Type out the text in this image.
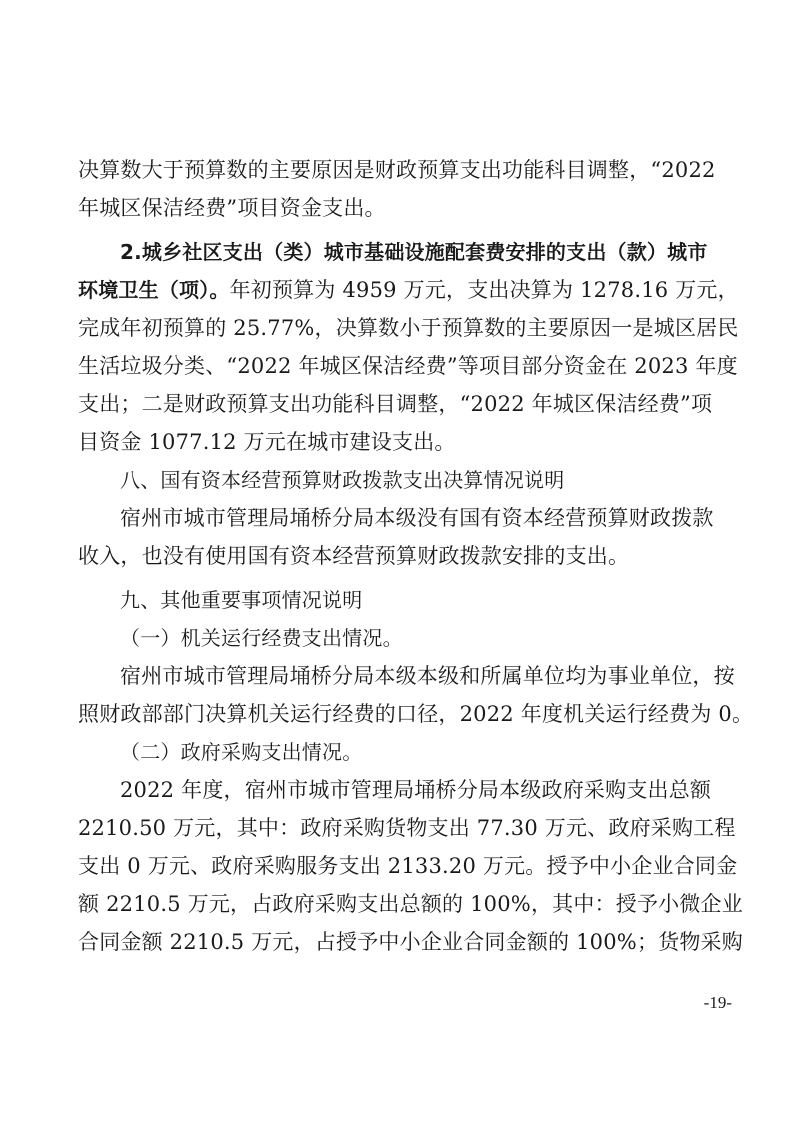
决算数大于预算数的主要原因是财政预算支出功能科目调整，“2022
年城区保洁经费”项目资金支出。
2.城乡社区支出（类）城市基础设施配套费安排的支出（款）城市
环境卫生（项）。年初预算为 4959 万元，支出决算为 1278.16 万元，
完成年初预算的 25.77%，决算数小于预算数的主要原因一是城区居民
生活垃圾分类、“2022 年城区保洁经费”等项目部分资金在 2023 年度
支出；二是财政预算支出功能科目调整，“2022 年城区保洁经费”项
目资金 1077.12 万元在城市建设支出。
八、国有资本经营预算财政拨款支出决算情况说明
宿州市城市管理局埇桥分局本级没有国有资本经营预算财政拨款
收入，也没有使用国有资本经营预算财政拨款安排的支出。
九、其他重要事项情况说明
（一）机关运行经费支出情况。
宿州市城市管理局埇桥分局本级本级和所属单位均为事业单位，按
照财政部部门决算机关运行经费的口径，2022 年度机关运行经费为 0。
（二）政府采购支出情况。
2022 年度，宿州市城市管理局埇桥分局本级政府采购支出总额
2210.50 万元，其中：政府采购货物支出 77.30 万元、政府采购工程
支出 0 万元、政府采购服务支出 2133.20 万元。授予中小企业合同金
额 2210.5 万元，占政府采购支出总额的 100%，其中：授予小微企业
合同金额 2210.5 万元，占授予中小企业合同金额的 100%；货物采购
-19-
